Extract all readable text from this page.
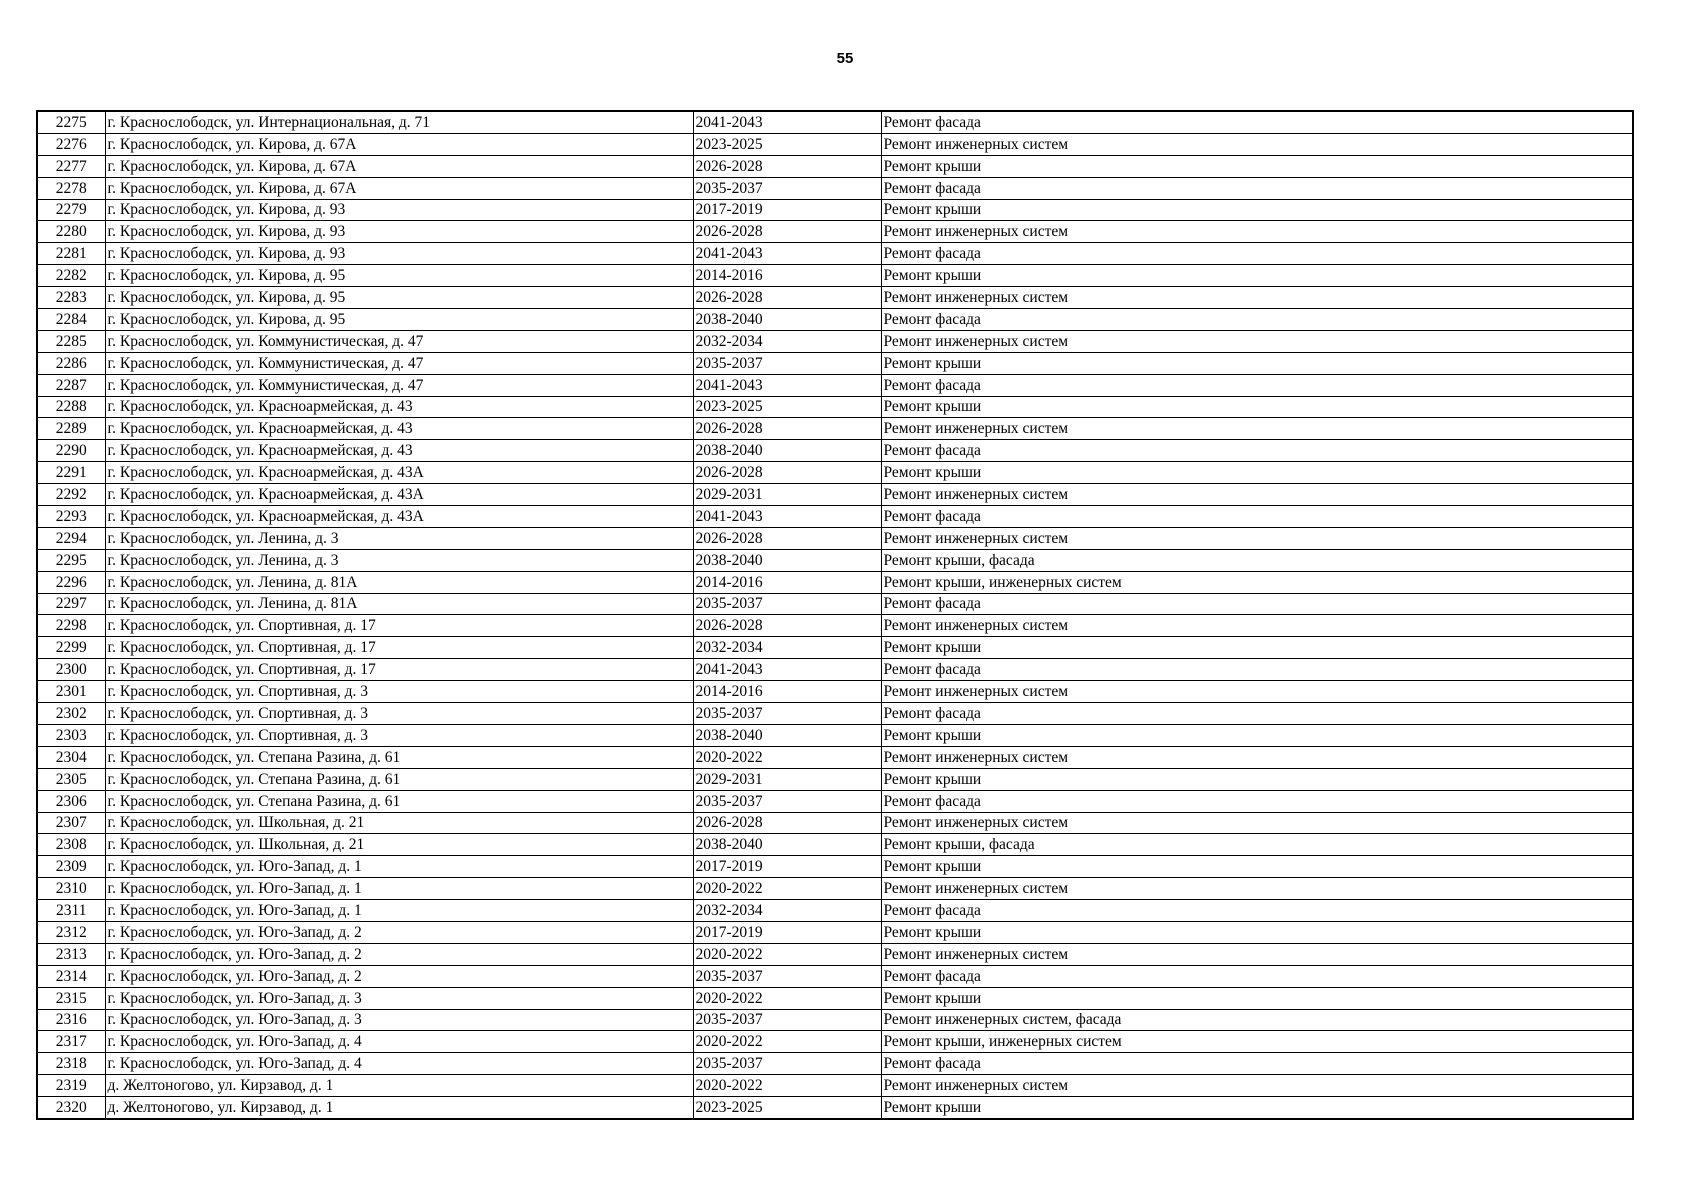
55
2275	г. Краснослободск, ул. Интернациональная, д. 71	2041-2043	Ремонт фасада
2276	г. Краснослободск, ул. Кирова, д. 67А	2023-2025	Ремонт инженерных систем
2277	г. Краснослободск, ул. Кирова, д. 67А	2026-2028	Ремонт крыши
2278	г. Краснослободск, ул. Кирова, д. 67А	2035-2037	Ремонт фасада
2279	г. Краснослободск, ул. Кирова, д. 93	2017-2019	Ремонт крыши
2280	г. Краснослободск, ул. Кирова, д. 93	2026-2028	Ремонт инженерных систем
2281	г. Краснослободск, ул. Кирова, д. 93	2041-2043	Ремонт фасада
2282	г. Краснослободск, ул. Кирова, д. 95	2014-2016	Ремонт крыши
2283	г. Краснослободск, ул. Кирова, д. 95	2026-2028	Ремонт инженерных систем
2284	г. Краснослободск, ул. Кирова, д. 95	2038-2040	Ремонт фасада
2285	г. Краснослободск, ул. Коммунистическая, д. 47	2032-2034	Ремонт инженерных систем
2286	г. Краснослободск, ул. Коммунистическая, д. 47	2035-2037	Ремонт крыши
2287	г. Краснослободск, ул. Коммунистическая, д. 47	2041-2043	Ремонт фасада
2288	г. Краснослободск, ул. Красноармейская, д. 43	2023-2025	Ремонт крыши
2289	г. Краснослободск, ул. Красноармейская, д. 43	2026-2028	Ремонт инженерных систем
2290	г. Краснослободск, ул. Красноармейская, д. 43	2038-2040	Ремонт фасада
2291	г. Краснослободск, ул. Красноармейская, д. 43А	2026-2028	Ремонт крыши
2292	г. Краснослободск, ул. Красноармейская, д. 43А	2029-2031	Ремонт инженерных систем
2293	г. Краснослободск, ул. Красноармейская, д. 43А	2041-2043	Ремонт фасада
2294	г. Краснослободск, ул. Ленина, д. 3	2026-2028	Ремонт инженерных систем
2295	г. Краснослободск, ул. Ленина, д. 3	2038-2040	Ремонт крыши, фасада
2296	г. Краснослободск, ул. Ленина, д. 81А	2014-2016	Ремонт крыши, инженерных систем
2297	г. Краснослободск, ул. Ленина, д. 81А	2035-2037	Ремонт фасада
2298	г. Краснослободск, ул. Спортивная, д. 17	2026-2028	Ремонт инженерных систем
2299	г. Краснослободск, ул. Спортивная, д. 17	2032-2034	Ремонт крыши
2300	г. Краснослободск, ул. Спортивная, д. 17	2041-2043	Ремонт фасада
2301	г. Краснослободск, ул. Спортивная, д. 3	2014-2016	Ремонт инженерных систем
2302	г. Краснослободск, ул. Спортивная, д. 3	2035-2037	Ремонт фасада
2303	г. Краснослободск, ул. Спортивная, д. 3	2038-2040	Ремонт крыши
2304	г. Краснослободск, ул. Степана Разина, д. 61	2020-2022	Ремонт инженерных систем
2305	г. Краснослободск, ул. Степана Разина, д. 61	2029-2031	Ремонт крыши
2306	г. Краснослободск, ул. Степана Разина, д. 61	2035-2037	Ремонт фасада
2307	г. Краснослободск, ул. Школьная, д. 21	2026-2028	Ремонт инженерных систем
2308	г. Краснослободск, ул. Школьная, д. 21	2038-2040	Ремонт крыши, фасада
2309	г. Краснослободск, ул. Юго-Запад, д. 1	2017-2019	Ремонт крыши
2310	г. Краснослободск, ул. Юго-Запад, д. 1	2020-2022	Ремонт инженерных систем
2311	г. Краснослободск, ул. Юго-Запад, д. 1	2032-2034	Ремонт фасада
2312	г. Краснослободск, ул. Юго-Запад, д. 2	2017-2019	Ремонт крыши
2313	г. Краснослободск, ул. Юго-Запад, д. 2	2020-2022	Ремонт инженерных систем
2314	г. Краснослободск, ул. Юго-Запад, д. 2	2035-2037	Ремонт фасада
2315	г. Краснослободск, ул. Юго-Запад, д. 3	2020-2022	Ремонт крыши
2316	г. Краснослободск, ул. Юго-Запад, д. 3	2035-2037	Ремонт инженерных систем, фасада
2317	г. Краснослободск, ул. Юго-Запад, д. 4	2020-2022	Ремонт крыши, инженерных систем
2318	г. Краснослободск, ул. Юго-Запад, д. 4	2035-2037	Ремонт фасада
2319	д. Желтоногово, ул. Кирзавод, д. 1	2020-2022	Ремонт инженерных систем
2320	д. Желтоногово, ул. Кирзавод, д. 1	2023-2025	Ремонт крыши
